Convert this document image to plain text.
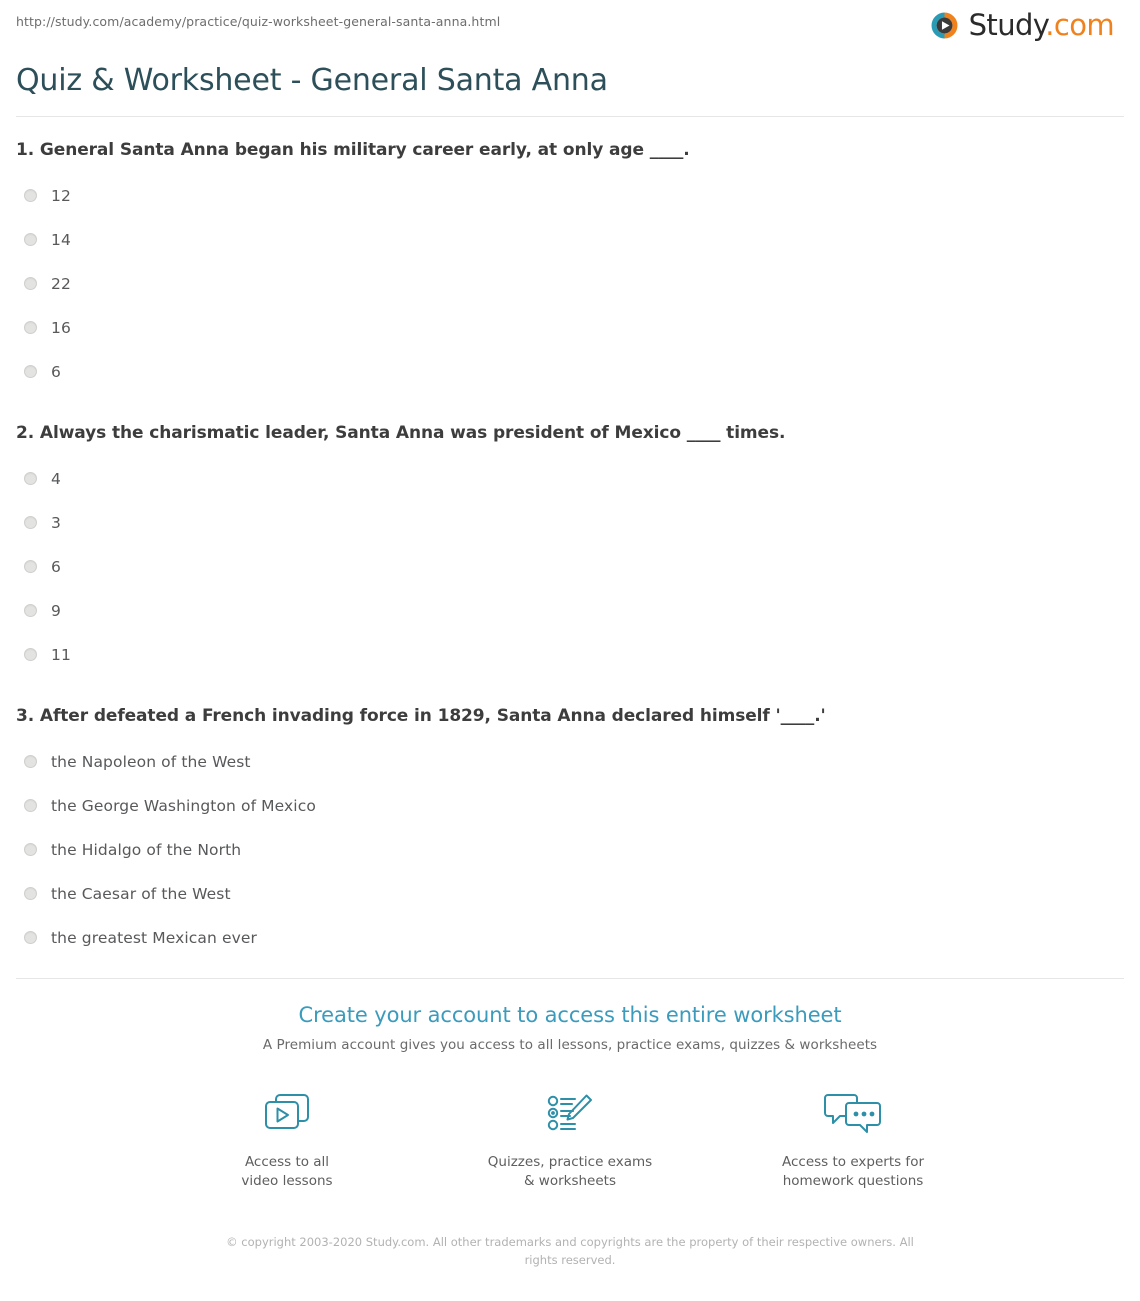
http://study.com/academy/practice/quiz-worksheet-general-santa-anna.html	Study.com
Quiz & Worksheet - General Santa Anna

1. General Santa Anna began his military career early, at only age ____.

12
14
22
16
6

2. Always the charismatic leader, Santa Anna was president of Mexico ____ times.

4
3
6
9
11

3. After defeated a French invading force in 1829, Santa Anna declared himself '____.'

the Napoleon of the West
the George Washington of Mexico
the Hidalgo of the North
the Caesar of the West
the greatest Mexican ever
Create your account to access this entire worksheet

A Premium account gives you access to all lessons, practice exams, quizzes & worksheets

Access to all
video lessons
Quizzes, practice exams
& worksheets
Access to experts for
homework questions
© copyright 2003-2020 Study.com. All other trademarks and copyrights are the property of their respective owners. All rights reserved.
